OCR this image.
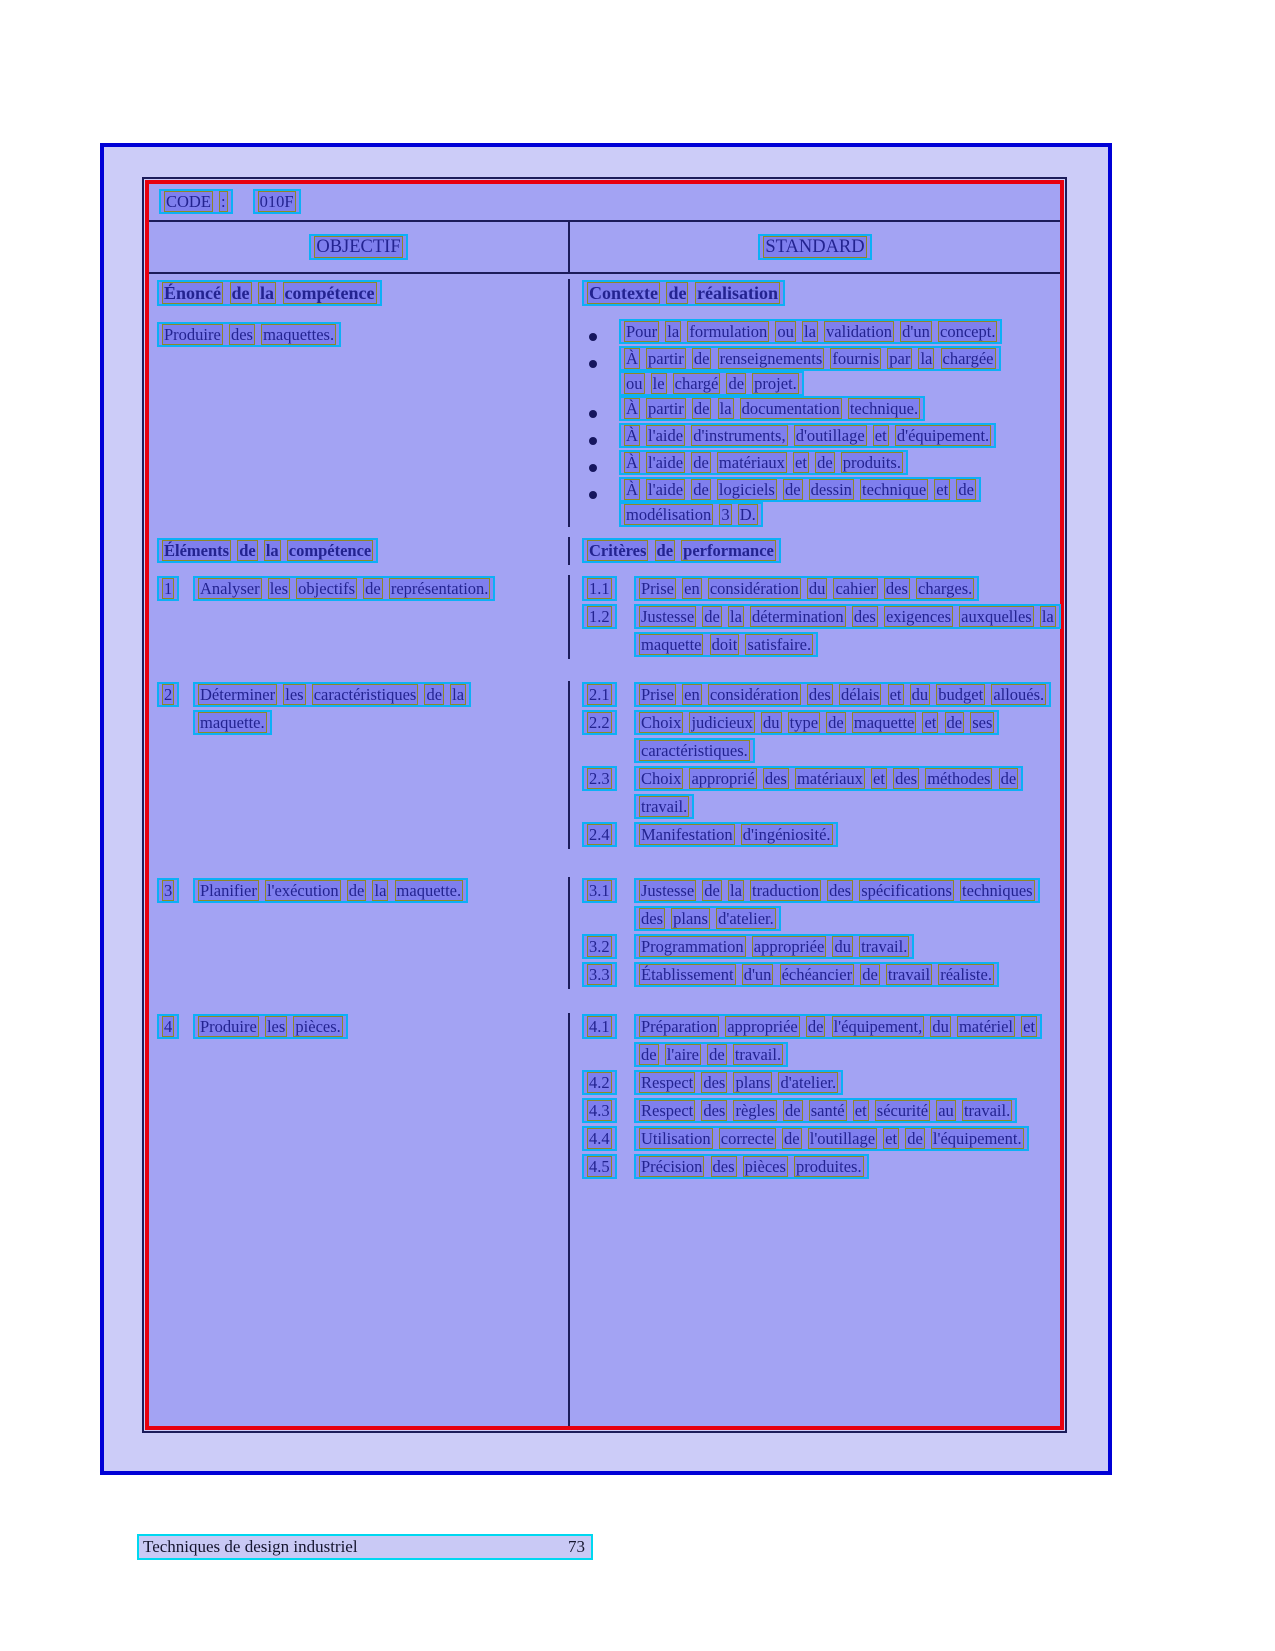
CODE :	010F
OBJECTIF	STANDARD
Énoncé de la compétence
Produire des maquettes.
Contexte de réalisation
Pour la formulation ou la validation d'un concept.
À partir de renseignements fournis par la chargée ou le chargé de projet.
À partir de la documentation technique.
À l'aide d'instruments, d'outillage et d'équipement.
À l'aide de matériaux et de produits.
À l'aide de logiciels de dessin technique et de modélisation 3 D.
Éléments de la compétence	Critères de performance
1	Analyser les objectifs de représentation.	1.1	Prise en considération du cahier des charges.
1.2	Justesse de la détermination des exigences auxquelles la maquette doit satisfaire.
2	Déterminer les caractéristiques de la maquette.
2.1	Prise en considération des délais et du budget alloués.
2.2	Choix judicieux du type de maquette et de ses caractéristiques.
2.3	Choix approprié des matériaux et des méthodes de travail.
2.4	Manifestation d'ingéniosité.
3	Planifier l'exécution de la maquette.	3.1	Justesse de la traduction des spécifications techniques des plans d'atelier.
3.2	Programmation appropriée du travail.
3.3	Établissement d'un échéancier de travail réaliste.
4	Produire les pièces.	4.1	Préparation appropriée de l'équipement, du matériel et de l'aire de travail.
4.2	Respect des plans d'atelier.
4.3	Respect des règles de santé et sécurité au travail.
4.4	Utilisation correcte de l'outillage et de l'équipement.
4.5	Précision des pièces produites.
Techniques de design industriel	73
